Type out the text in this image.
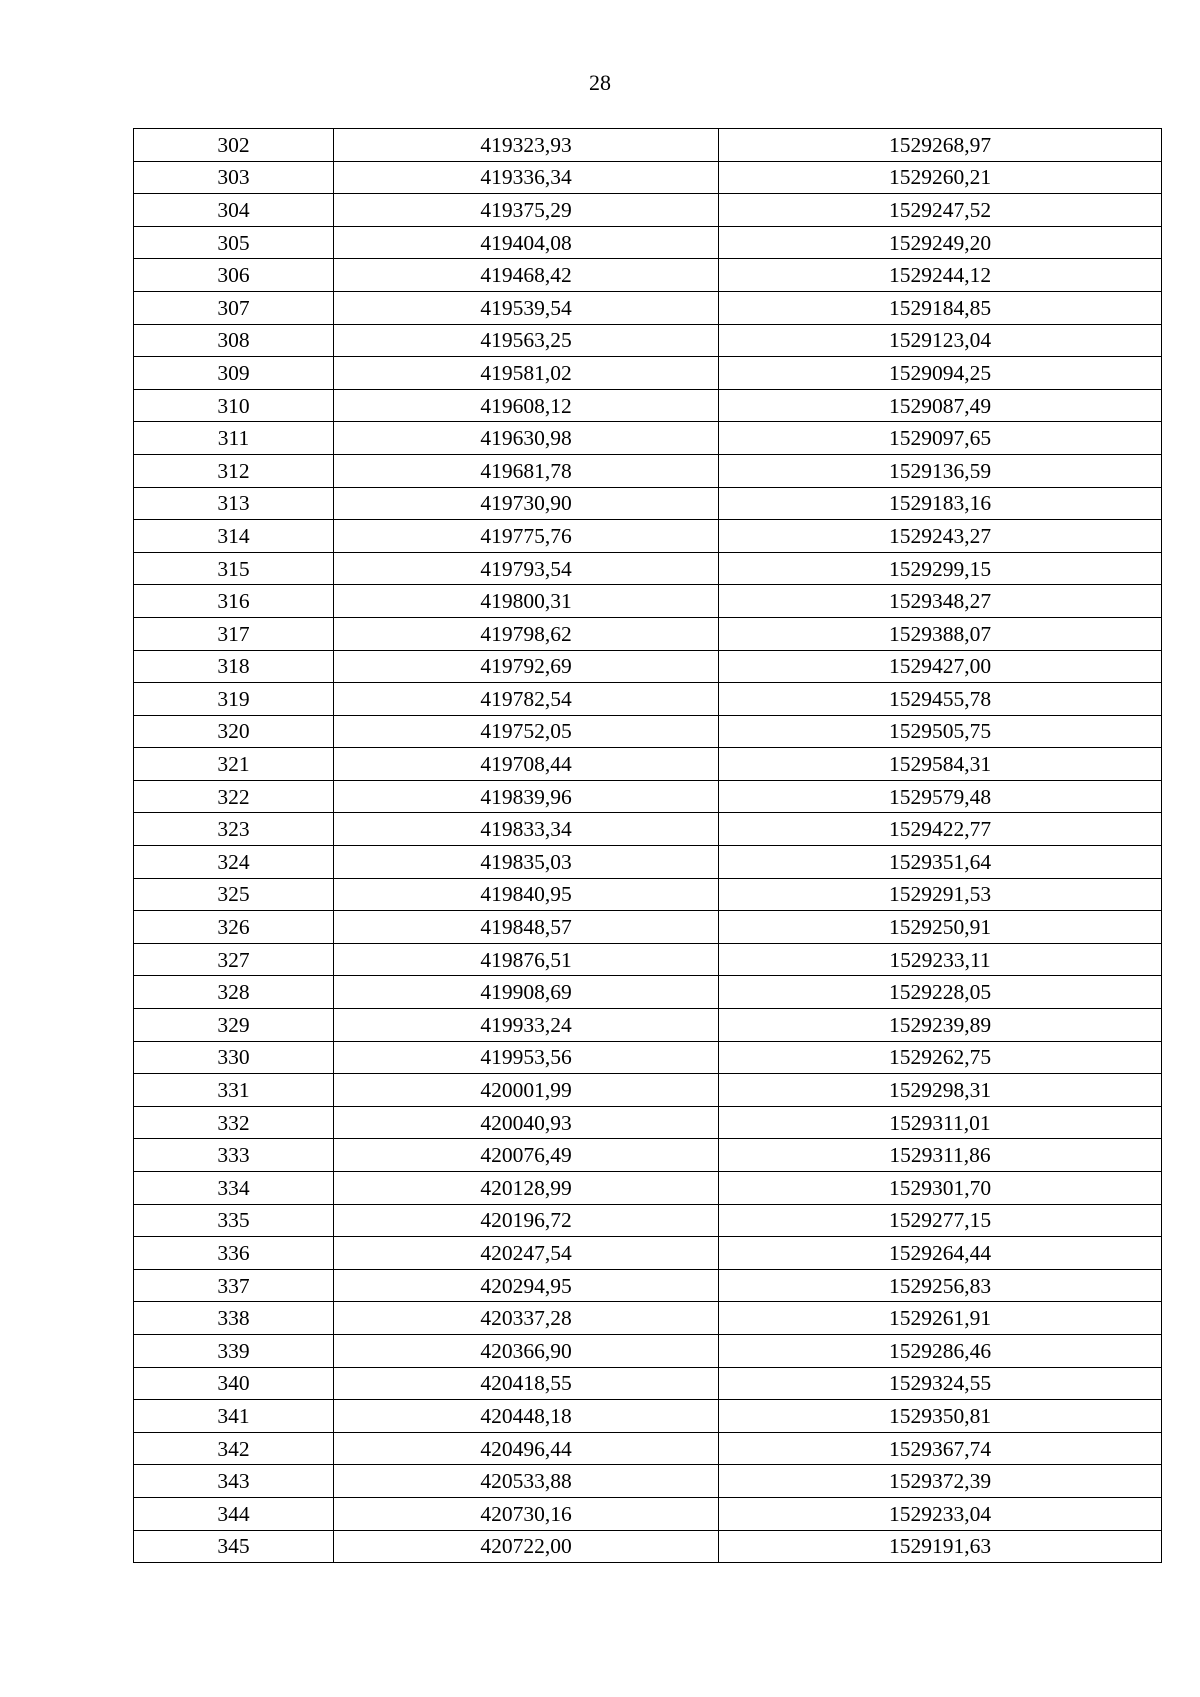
28
302	419323,93	1529268,97
303	419336,34	1529260,21
304	419375,29	1529247,52
305	419404,08	1529249,20
306	419468,42	1529244,12
307	419539,54	1529184,85
308	419563,25	1529123,04
309	419581,02	1529094,25
310	419608,12	1529087,49
311	419630,98	1529097,65
312	419681,78	1529136,59
313	419730,90	1529183,16
314	419775,76	1529243,27
315	419793,54	1529299,15
316	419800,31	1529348,27
317	419798,62	1529388,07
318	419792,69	1529427,00
319	419782,54	1529455,78
320	419752,05	1529505,75
321	419708,44	1529584,31
322	419839,96	1529579,48
323	419833,34	1529422,77
324	419835,03	1529351,64
325	419840,95	1529291,53
326	419848,57	1529250,91
327	419876,51	1529233,11
328	419908,69	1529228,05
329	419933,24	1529239,89
330	419953,56	1529262,75
331	420001,99	1529298,31
332	420040,93	1529311,01
333	420076,49	1529311,86
334	420128,99	1529301,70
335	420196,72	1529277,15
336	420247,54	1529264,44
337	420294,95	1529256,83
338	420337,28	1529261,91
339	420366,90	1529286,46
340	420418,55	1529324,55
341	420448,18	1529350,81
342	420496,44	1529367,74
343	420533,88	1529372,39
344	420730,16	1529233,04
345	420722,00	1529191,63
